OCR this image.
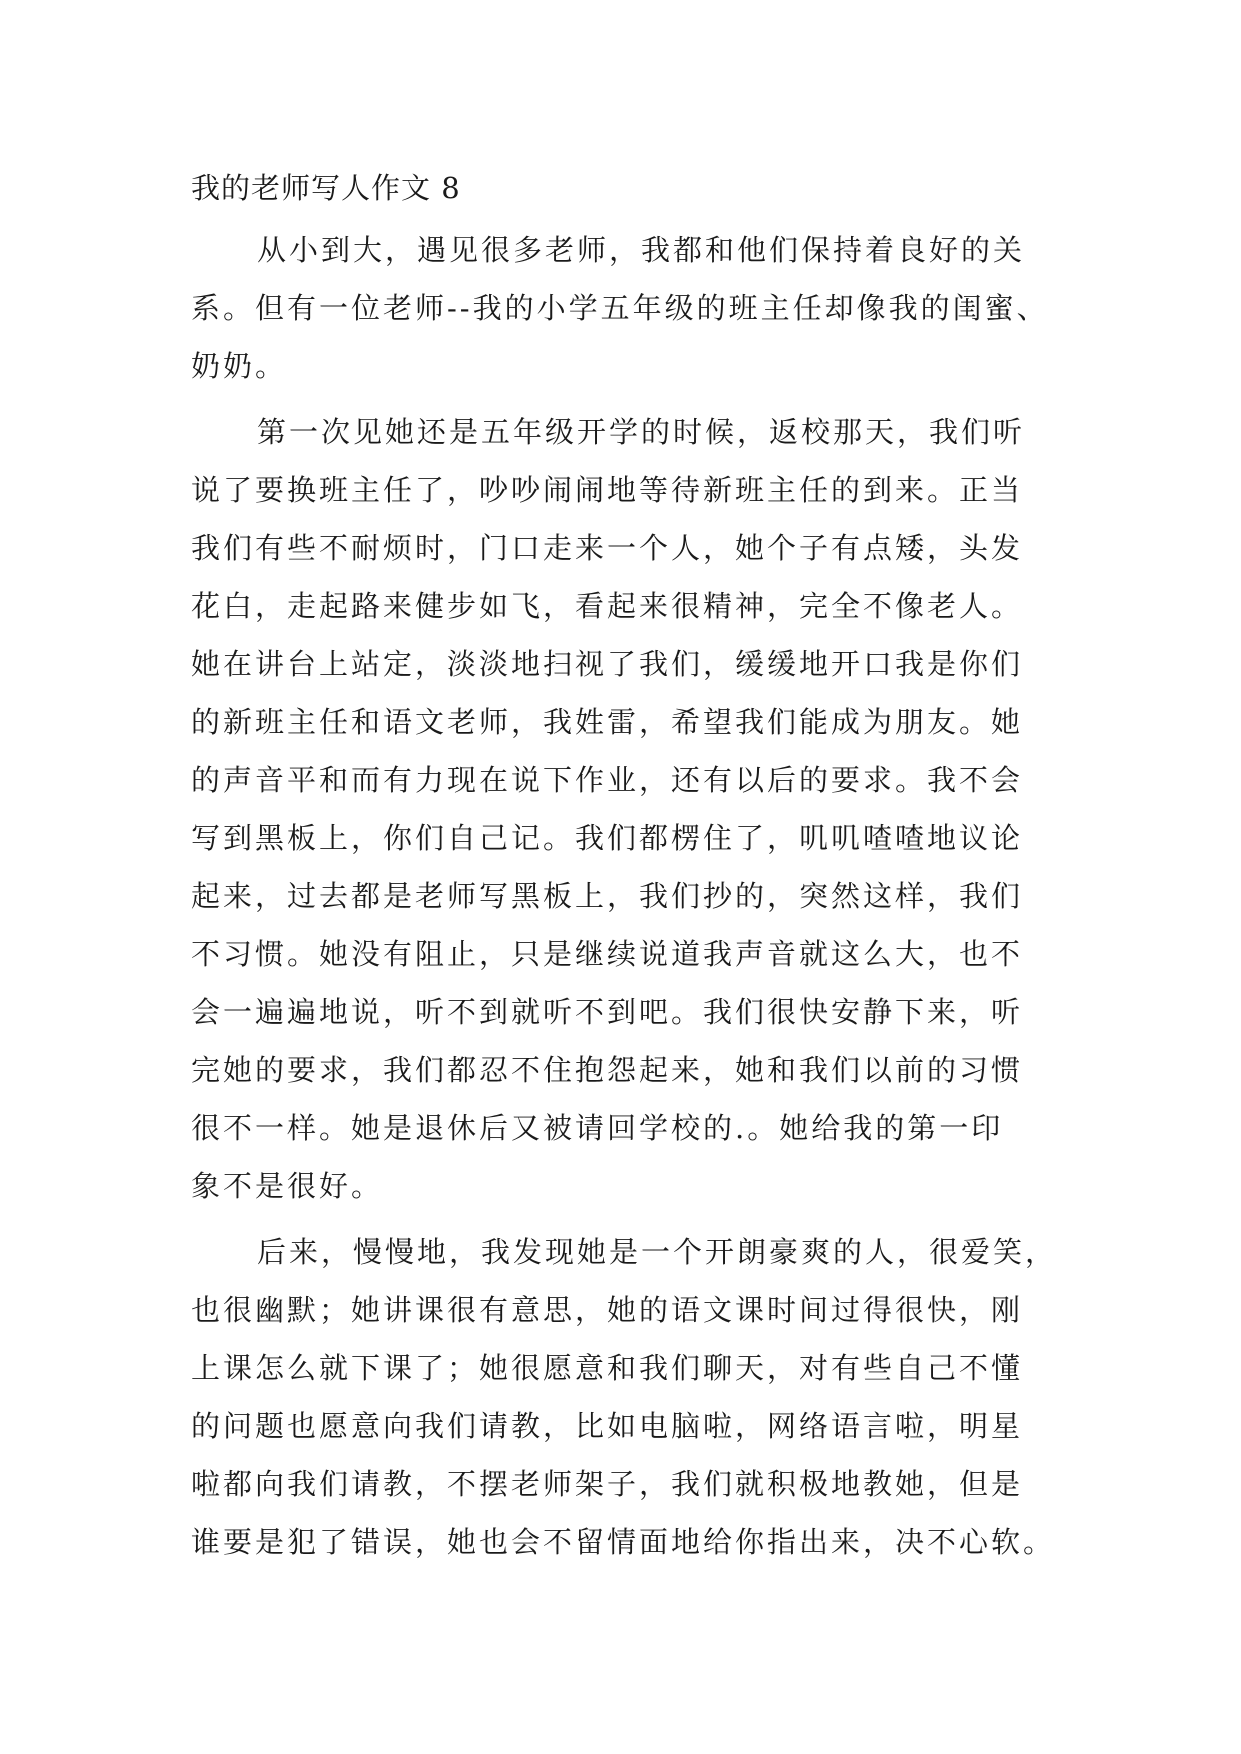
我的老师写人作文 8

从小到大，遇见很多老师，我都和他们保持着良好的关
系。但有一位老师--我的小学五年级的班主任却像我的闺蜜、
奶奶。

第一次见她还是五年级开学的时候，返校那天，我们听
说了要换班主任了，吵吵闹闹地等待新班主任的到来。正当
我们有些不耐烦时，门口走来一个人，她个子有点矮，头发
花白，走起路来健步如飞，看起来很精神，完全不像老人。
她在讲台上站定，淡淡地扫视了我们，缓缓地开口我是你们
的新班主任和语文老师，我姓雷，希望我们能成为朋友。她
的声音平和而有力现在说下作业，还有以后的要求。我不会
写到黑板上，你们自己记。我们都楞住了，叽叽喳喳地议论
起来，过去都是老师写黑板上，我们抄的，突然这样，我们
不习惯。她没有阻止，只是继续说道我声音就这么大，也不
会一遍遍地说，听不到就听不到吧。我们很快安静下来，听
完她的要求，我们都忍不住抱怨起来，她和我们以前的习惯
很不一样。她是退休后又被请回学校的.。她给我的第一印
象不是很好。

后来，慢慢地，我发现她是一个开朗豪爽的人，很爱笑，
也很幽默；她讲课很有意思，她的语文课时间过得很快，刚
上课怎么就下课了；她很愿意和我们聊天，对有些自己不懂
的问题也愿意向我们请教，比如电脑啦，网络语言啦，明星
啦都向我们请教，不摆老师架子，我们就积极地教她，但是
谁要是犯了错误，她也会不留情面地给你指出来，决不心软。
